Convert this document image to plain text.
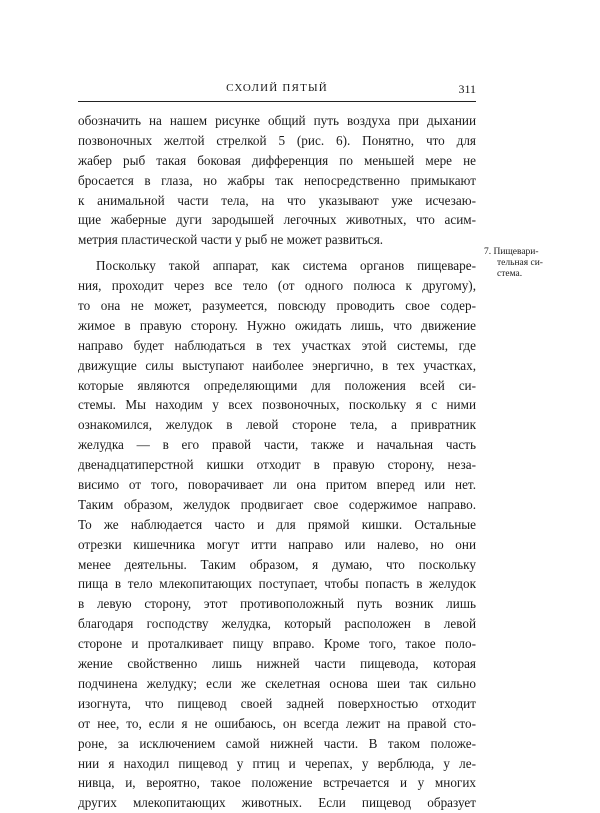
СХОЛИЙ ПЯТЫЙ	311
обозначить на нашем рисунке общий путь воздуха при дыхании
позвоночных желтой стрелкой 5 (рис. 6). Понятно, что для
жабер рыб такая боковая дифференция по меньшей мере не
бросается в глаза, но жабры так непосредственно примыкают
к анимальной части тела, на что указывают уже исчезаю-
щие жаберные дуги зародышей легочных животных, что асим-
метрия пластической части у рыб не может развиться.
Поскольку такой аппарат, как система органов пищеваре-
ния, проходит через все тело (от одного полюса к другому),
то она не может, разумеется, повсюду проводить свое содер-
жимое в правую сторону. Нужно ожидать лишь, что движение
направо будет наблюдаться в тех участках этой системы, где
движущие силы выступают наиболее энергично, в тех участках,
которые являются определяющими для положения всей си-
стемы. Мы находим у всех позвоночных, поскольку я с ними
ознакомился, желудок в левой стороне тела, а привратник
желудка — в его правой части, также и начальная часть
двенадцатиперстной кишки отходит в правую сторону, неза-
висимо от того, поворачивает ли она притом вперед или нет.
Таким образом, желудок продвигает свое содержимое направо.
То же наблюдается часто и для прямой кишки. Остальные
отрезки кишечника могут итти направо или налево, но они
менее деятельны. Таким образом, я думаю, что поскольку
пища в тело млекопитающих поступает, чтобы попасть в желудок
в левую сторону, этот противоположный путь возник лишь
благодаря господству желудка, который расположен в левой
стороне и проталкивает пищу вправо. Кроме того, такое поло-
жение свойственно лишь нижней части пищевода, которая
подчинена желудку; если же скелетная основа шеи так сильно
изогнута, что пищевод своей задней поверхностью отходит
от нее, то, если я не ошибаюсь, он всегда лежит на правой сто-
роне, за исключением самой нижней части. В таком положе-
нии я находил пищевод у птиц и черепах, у верблюда, у ле-
нивца, и, вероятно, такое положение встречается и у многих
других млекопитающих животных. Если пищевод образует
7. Пищевари-
тельная си-
стема.
